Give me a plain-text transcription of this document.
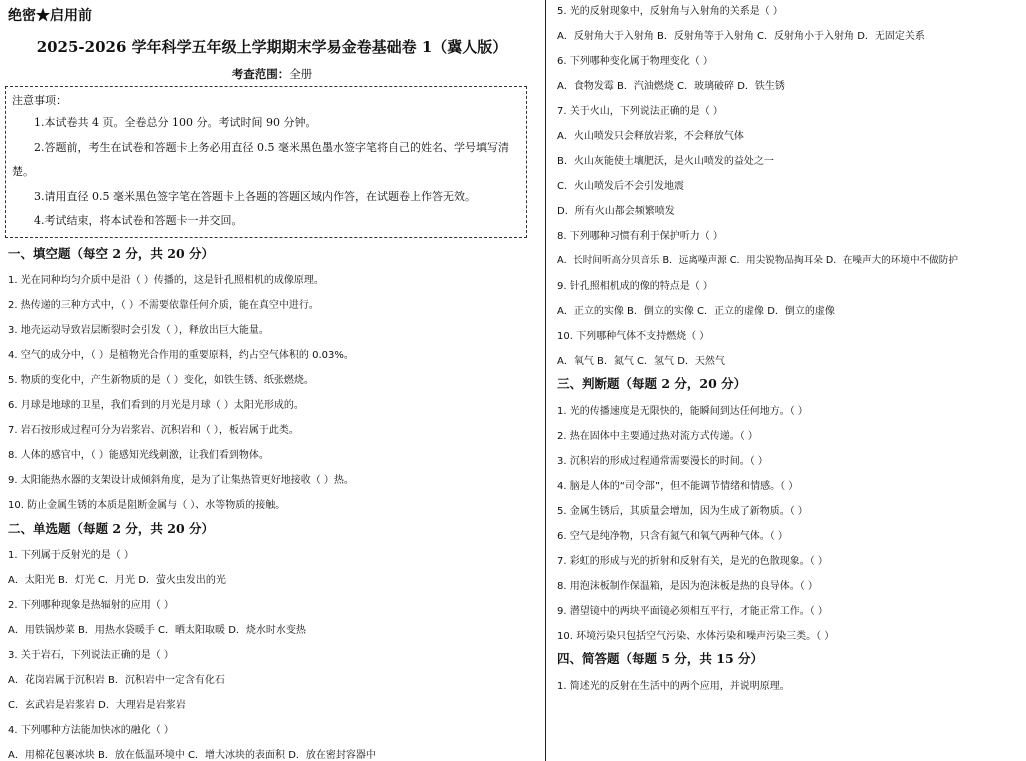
绝密★启用前
2025-2026 学年科学五年级上学期期末学易金卷基础卷 1（冀人版）
考查范围：全册
注意事项：

1.本试卷共 4 页。全卷总分 100 分。考试时间 90 分钟。

2.答题前，考生在试卷和答题卡上务必用直径 0.5 毫米黑色墨水签字笔将自己的姓名、学号填写清楚。

3.请用直径 0.5 毫米黑色签字笔在答题卡上各题的答题区域内作答，在试题卷上作答无效。

4.考试结束，将本试卷和答题卡一并交回。

一、填空题（每空 2 分，共 20 分）
1. 光在同种均匀介质中是沿（ ）传播的，这是针孔照相机的成像原理。
2. 热传递的三种方式中，（ ）不需要依靠任何介质，能在真空中进行。
3. 地壳运动导致岩层断裂时会引发（ ），释放出巨大能量。
4. 空气的成分中，（ ）是植物光合作用的重要原料，约占空气体积的 0.03%。
5. 物质的变化中，产生新物质的是（ ）变化，如铁生锈、纸张燃烧。
6. 月球是地球的卫星，我们看到的月光是月球（ ）太阳光形成的。
7. 岩石按形成过程可分为岩浆岩、沉积岩和（ ），板岩属于此类。
8. 人体的感官中，（ ）能感知光线刺激，让我们看到物体。
9. 太阳能热水器的支架设计成倾斜角度，是为了让集热管更好地接收（ ）热。
10. 防止金属生锈的本质是阻断金属与（ ）、水等物质的接触。
二、单选题（每题 2 分，共 20 分）
1. 下列属于反射光的是（ ）
A．太阳光 B．灯光 C．月光 D．萤火虫发出的光
2. 下列哪种现象是热辐射的应用（ ）
A．用铁锅炒菜 B．用热水袋暖手 C．晒太阳取暖 D．烧水时水变热
3. 关于岩石，下列说法正确的是（ ）
A．花岗岩属于沉积岩 B．沉积岩中一定含有化石
C．玄武岩是岩浆岩 D．大理岩是岩浆岩
4. 下列哪种方法能加快冰的融化（ ）
A．用棉花包裹冰块 B．放在低温环境中 C．增大冰块的表面积 D．放在密封容器中
5. 光的反射现象中，反射角与入射角的关系是（ ）
A．反射角大于入射角 B．反射角等于入射角 C．反射角小于入射角 D．无固定关系
6. 下列哪种变化属于物理变化（ ）
A．食物发霉 B．汽油燃烧 C．玻璃破碎 D．铁生锈
7. 关于火山，下列说法正确的是（ ）
A．火山喷发只会释放岩浆，不会释放气体
B．火山灰能使土壤肥沃，是火山喷发的益处之一
C．火山喷发后不会引发地震
D．所有火山都会频繁喷发
8. 下列哪种习惯有利于保护听力（ ）
A．长时间听高分贝音乐 B．远离噪声源 C．用尖锐物品掏耳朵 D．在噪声大的环境中不做防护
9. 针孔照相机成的像的特点是（ ）
A．正立的实像 B．倒立的实像 C．正立的虚像 D．倒立的虚像
10. 下列哪种气体不支持燃烧（ ）
A．氧气 B．氮气 C．氢气 D．天然气
三、判断题（每题 2 分，20 分）
1. 光的传播速度是无限快的，能瞬间到达任何地方。（ ）
2. 热在固体中主要通过热对流方式传递。（ ）
3. 沉积岩的形成过程通常需要漫长的时间。（ ）
4. 脑是人体的“司令部”，但不能调节情绪和情感。（ ）
5. 金属生锈后，其质量会增加，因为生成了新物质。（ ）
6. 空气是纯净物，只含有氮气和氧气两种气体。（ ）
7. 彩虹的形成与光的折射和反射有关，是光的色散现象。（ ）
8. 用泡沫板制作保温箱，是因为泡沫板是热的良导体。（ ）
9. 潜望镜中的两块平面镜必须相互平行，才能正常工作。（ ）
10. 环境污染只包括空气污染、水体污染和噪声污染三类。（ ）
四、简答题（每题 5 分，共 15 分）
1. 简述光的反射在生活中的两个应用，并说明原理。
